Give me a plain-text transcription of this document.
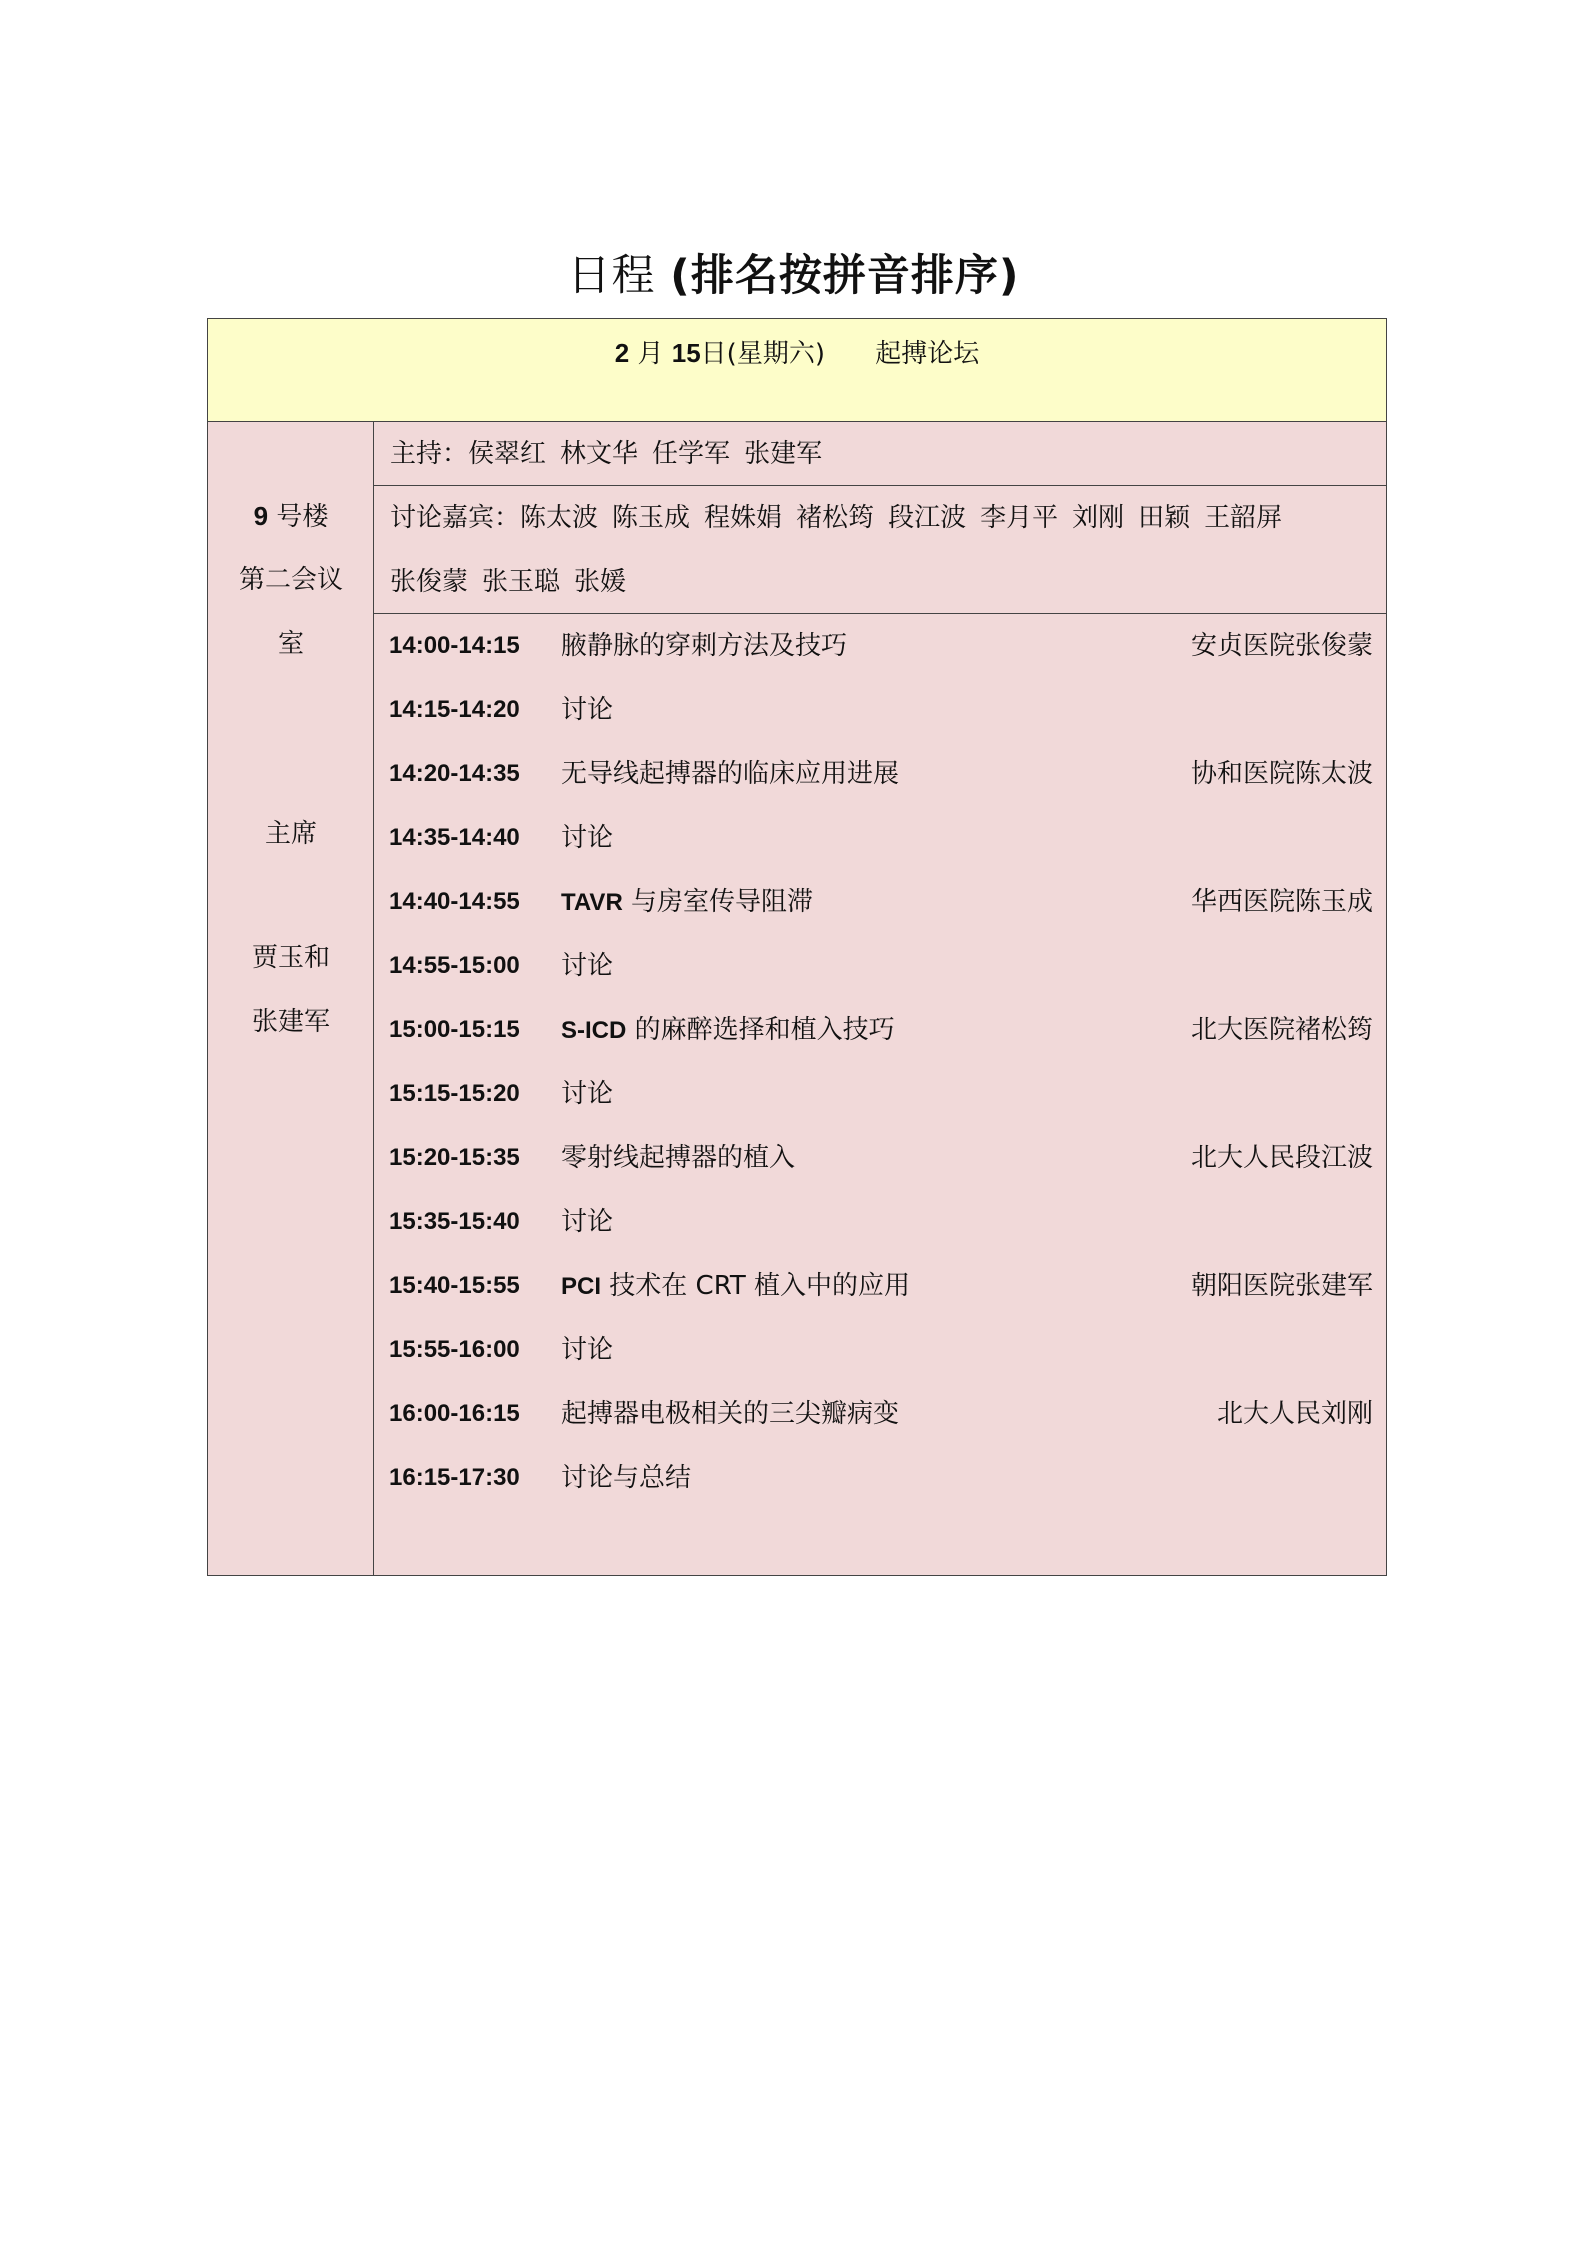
日程 (排名按拼音排序)
2 月 15日(星期六) 起搏论坛
9 号楼
第二会议
室
主席
贾玉和
张建军
主持：侯翠红 林文华 任学军 张建军
讨论嘉宾： 陈太波 陈玉成 程姝娟 褚松筠 段江波 李月平 刘刚 田颖 王韶屏
张俊蒙 张玉聪 张媛
14:00-14:15 腋静脉的穿刺方法及技巧	安贞医院张俊蒙
14:15-14:20 讨论
14:20-14:35 无导线起搏器的临床应用进展	协和医院陈太波
14:35-14:40 讨论
14:40-14:55 TAVR 与房室传导阻滞	华西医院陈玉成
14:55-15:00 讨论
15:00-15:15 S-ICD 的麻醉选择和植入技巧	北大医院褚松筠
15:15-15:20 讨论
15:20-15:35 零射线起搏器的植入	北大人民段江波
15:35-15:40 讨论
15:40-15:55 PCI 技术在 CRT 植入中的应用	朝阳医院张建军
15:55-16:00 讨论
16:00-16:15 起搏器电极相关的三尖瓣病变	北大人民刘刚
16:15-17:30 讨论与总结
